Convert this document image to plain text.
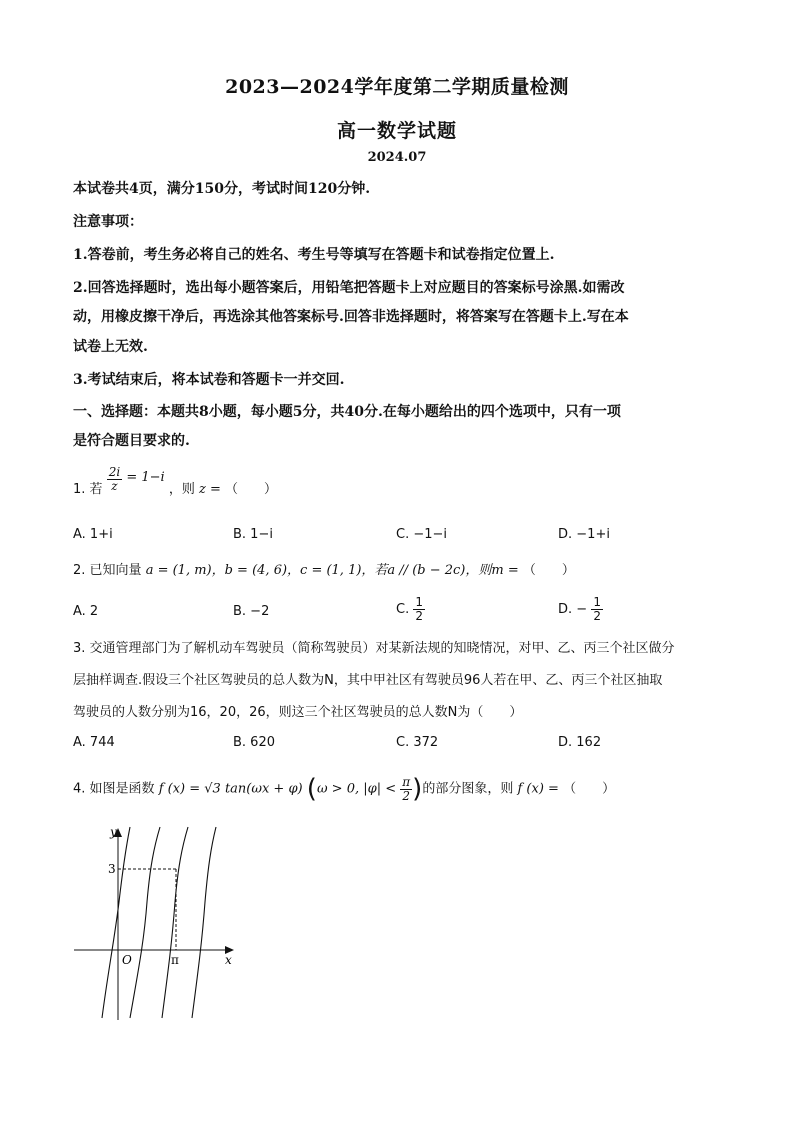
2023—2024学年度第二学期质量检测
高一数学试题
2024.07
本试卷共4页，满分150分，考试时间120分钟.
注意事项：
1.答卷前，考生务必将自己的姓名、考生号等填写在答题卡和试卷指定位置上.
2.回答选择题时，选出每小题答案后，用铅笔把答题卡上对应题目的答案标号涂黑.如需改
动，用橡皮擦干净后，再选涂其他答案标号.回答非选择题时，将答案写在答题卡上.写在本
试卷上无效.
3.考试结束后，将本试卷和答题卡一并交回.
一、选择题：本题共8小题，每小题5分，共40分.在每小题给出的四个选项中，只有一项
是符合题目要求的.
1. 若 $\frac{2i}{z} = 1-i$ ，则 z = （　　）
A. 1+i	B. 1−i	C. −1−i	D. −1+i
2. 已知向量 a = (1, m)，b = (4, 6)，c = (1, 1)，若a // (b − 2c)，则m = （　　）
A. 2	B. −2	C. $\frac{1}{2}$	D. − $\frac{1}{2}$
3. 交通管理部门为了解机动车驾驶员（简称驾驶员）对某新法规的知晓情况，对甲、乙、丙三个社区做分
层抽样调查.假设三个社区驾驶员的总人数为N，其中甲社区有驾驶员96人若在甲、乙、丙三个社区抽取
驾驶员的人数分别为16，20，26，则这三个社区驾驶员的总人数N为（　　）
A. 744	B. 620	C. 372	D. 162
4. 如图是函数 f (x) = √3 tan(ωx + φ) (ω > 0, $|\varphi| < \frac{\pi}{2}$ )的部分图象，则 f (x) = （　　）
y
x
O
3
π
